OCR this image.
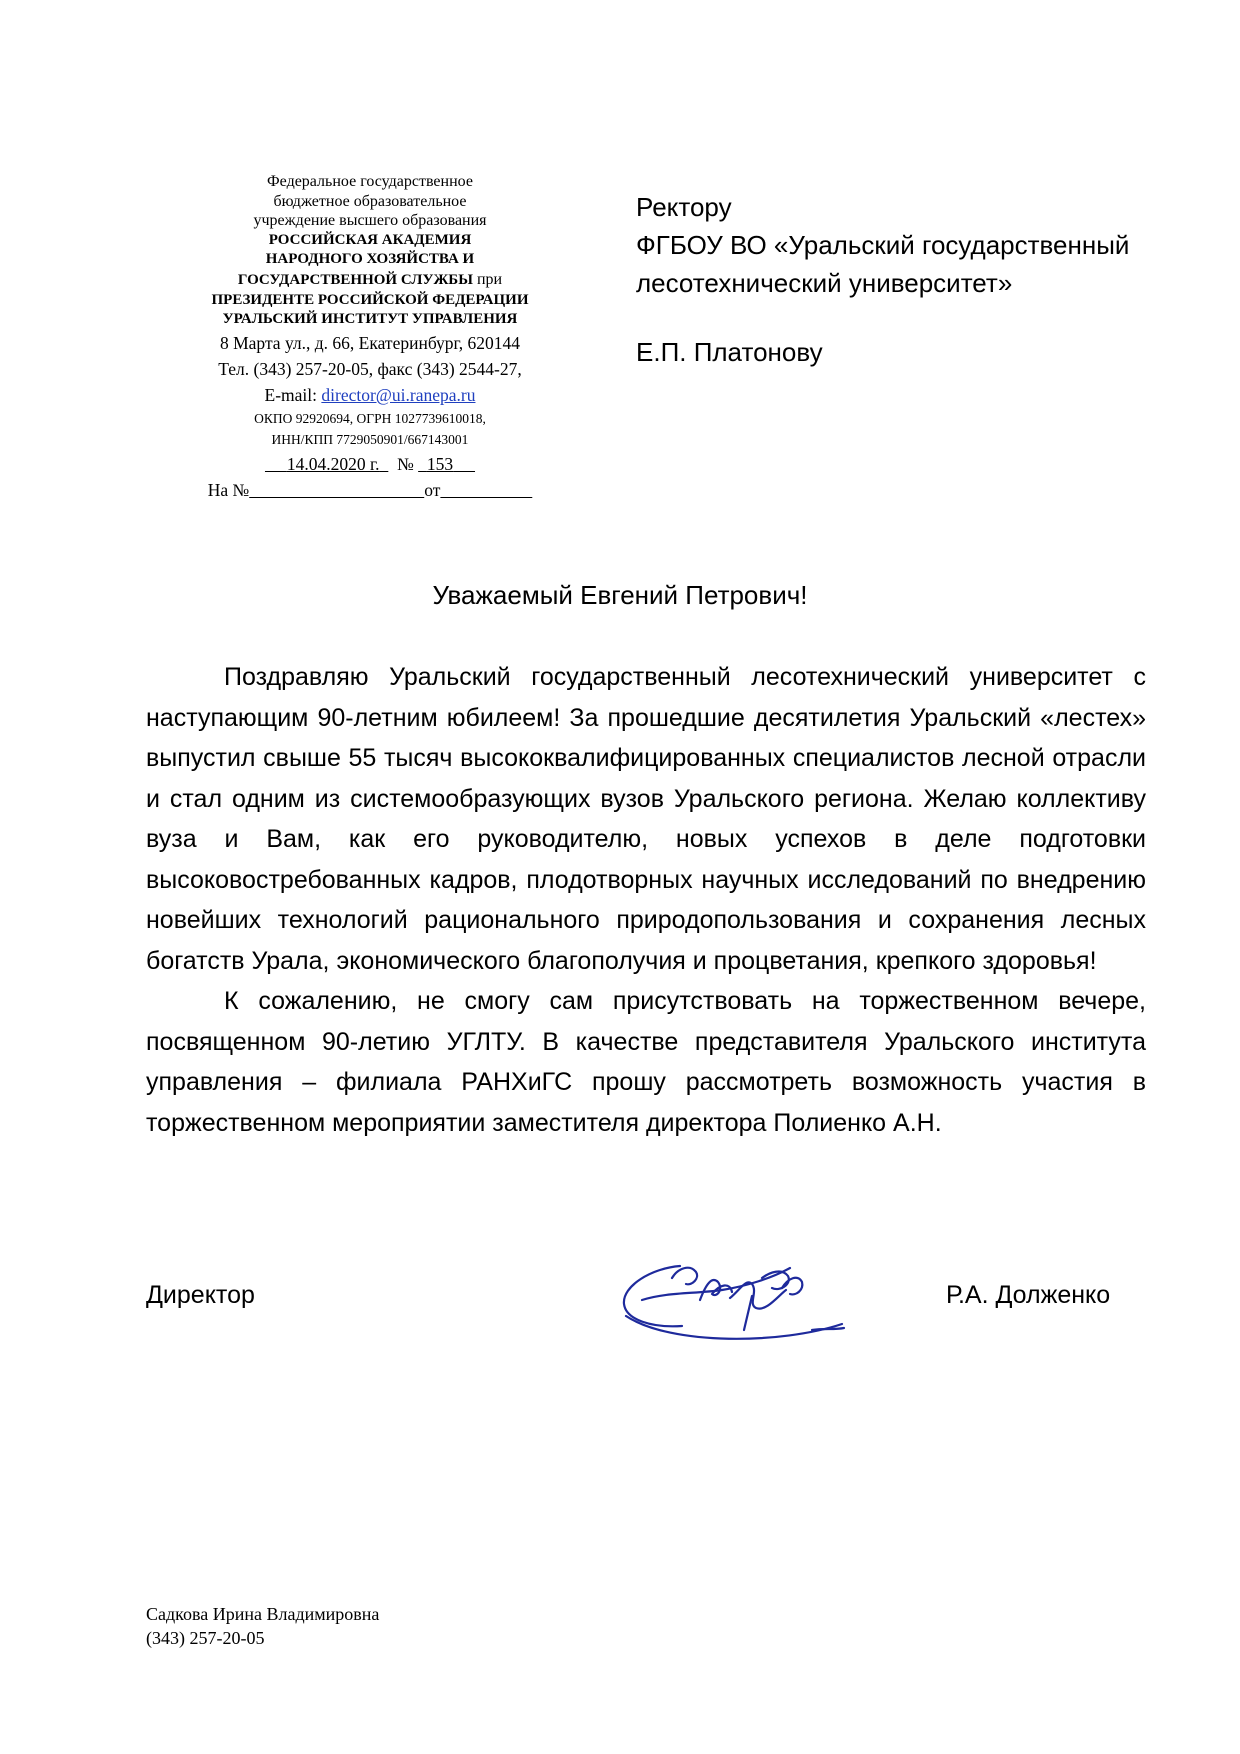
Федеральное государственное
бюджетное образовательное
учреждение высшего образования
РОССИЙСКАЯ АКАДЕМИЯ
НАРОДНОГО ХОЗЯЙСТВА И
ГОСУДАРСТВЕННОЙ СЛУЖБЫ при
ПРЕЗИДЕНТЕ РОССИЙСКОЙ ФЕДЕРАЦИИ
УРАЛЬСКИЙ ИНСТИТУТ УПРАВЛЕНИЯ
8 Марта ул., д. 66, Екатеринбург, 620144
Тел. (343) 257-20-05, факс (343) 2544-27,
E-mail: director@ui.ranepa.ru
ОКПО 92920694, ОГРН 1027739610018,
ИНН/КПП 7729050901/667143001
14.04.2020 г. № 153
На №	от
Ректору
ФГБОУ ВО «Уральский государственный
лесотехнический университет»
Е.П. Платонову
Уважаемый Евгений Петрович!

Поздравляю Уральский государственный лесотехнический университет с наступающим 90-летним юбилеем! За прошедшие десятилетия Уральский «лестех» выпустил свыше 55 тысяч высококвалифицированных специалистов лесной отрасли и стал одним из системообразующих вузов Уральского региона. Желаю коллективу вуза и Вам, как его руководителю, новых успехов в деле подготовки высоковостребованных кадров, плодотворных научных исследований по внедрению новейших технологий рационального природопользования и сохранения лесных богатств Урала, экономического благополучия и процветания, крепкого здоровья!

К сожалению, не смогу сам присутствовать на торжественном вечере, посвященном 90-летию УГЛТУ. В качестве представителя Уральского института управления – филиала РАНХиГС прошу рассмотреть возможность участия в торжественном мероприятии заместителя директора Полиенко А.Н.

Директор	Р.А. Долженко
Садкова Ирина Владимировна
(343) 257-20-05
